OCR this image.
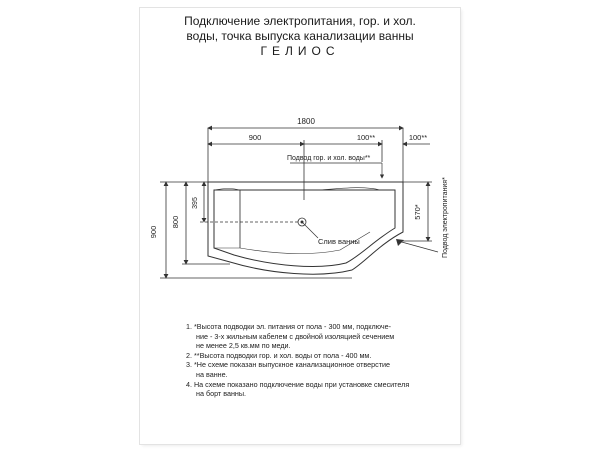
Подключение электропитания, гор. и хол.
воды, точка выпуска канализации ванны
ГЕЛИОС
1800
900	100**	100**
Подвод гор. и хол. воды**
Слив ванны
900
800
395
570*	Подвод электропитания*
1. *Высота подводки эл. питания от пола - 300 мм, подключе-
ние - 3-х жильным кабелем с двойной изоляцией сечением
не менее 2,5 кв.мм по меди.
2. **Высота подводки гор. и хол. воды от пола - 400 мм.
3. *Не схеме показан выпускное канализационное отверстие
на ванне.
4. На схеме показано подключение воды при установке смесителя
на борт ванны.
